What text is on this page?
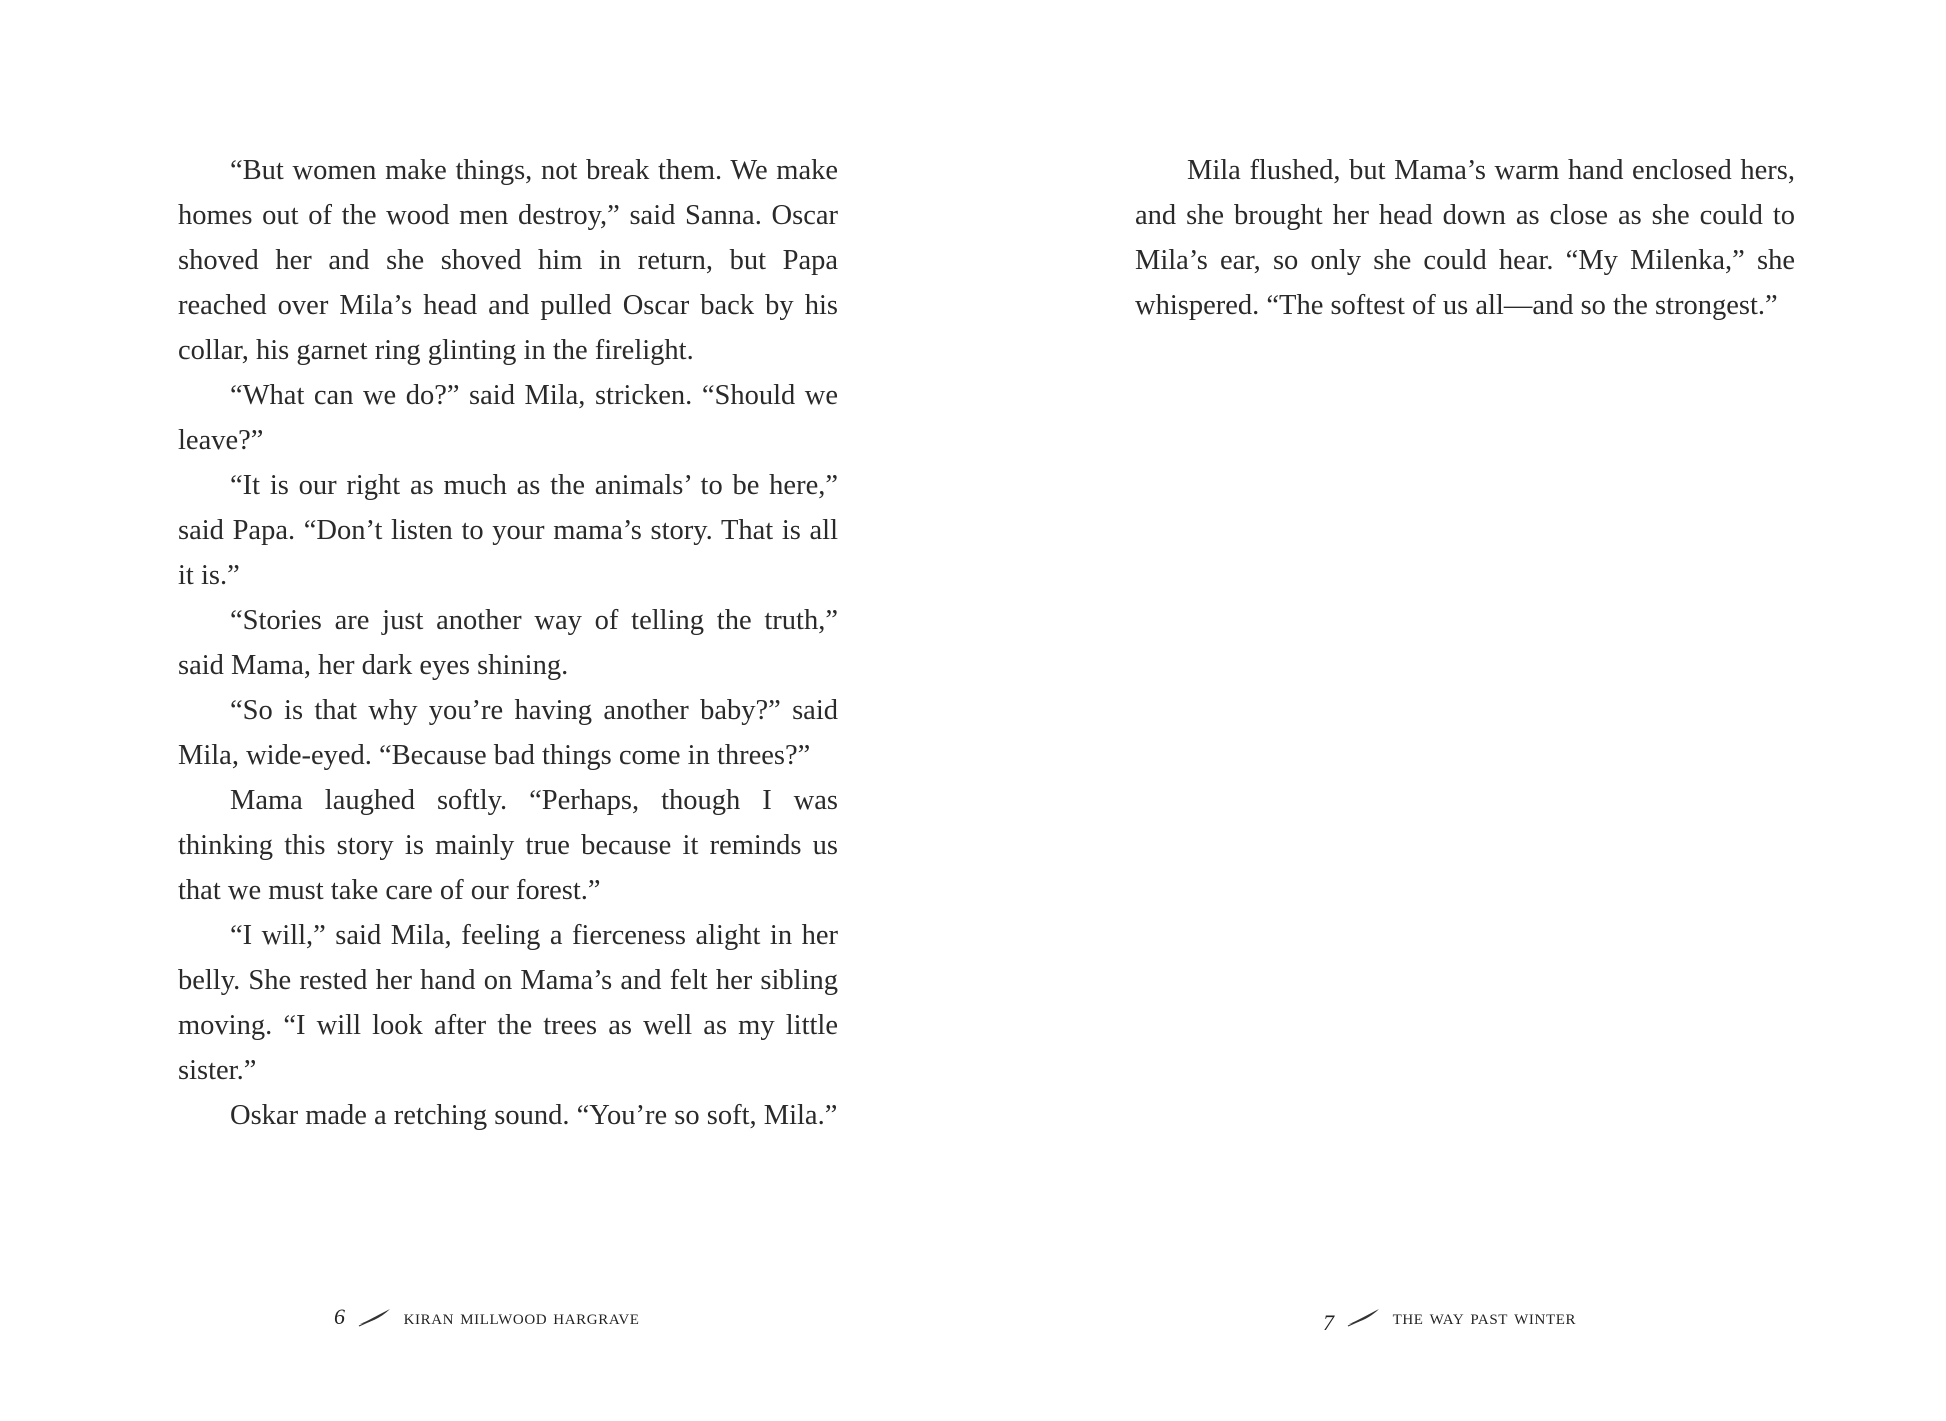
“But women make things, not break them. We make homes out of the wood men destroy,” said Sanna. Oscar shoved her and she shoved him in return, but Papa reached over Mila’s head and pulled Oscar back by his collar, his garnet ring glinting in the firelight.

“What can we do?” said Mila, stricken. “Should we leave?”

“It is our right as much as the animals’ to be here,” said Papa. “Don’t listen to your mama’s story. That is all it is.”

“Stories are just another way of telling the truth,” said Mama, her dark eyes shining.

“So is that why you’re having another baby?” said Mila, wide-eyed. “Because bad things come in threes?”

Mama laughed softly. “Perhaps, though I was thinking this story is mainly true because it reminds us that we must take care of our forest.”

“I will,” said Mila, feeling a fierceness alight in her belly. She rested her hand on Mama’s and felt her sibling moving. “I will look after the trees as well as my little sister.”

Oskar made a retching sound. “You’re so soft, Mila.”

6	kiran millwood hargrave

Mila flushed, but Mama’s warm hand enclosed hers, and she brought her head down as close as she could to Mila’s ear, so only she could hear. “My Milenka,” she whispered. “The softest of us all—and so the strongest.”

7	the way past winter
